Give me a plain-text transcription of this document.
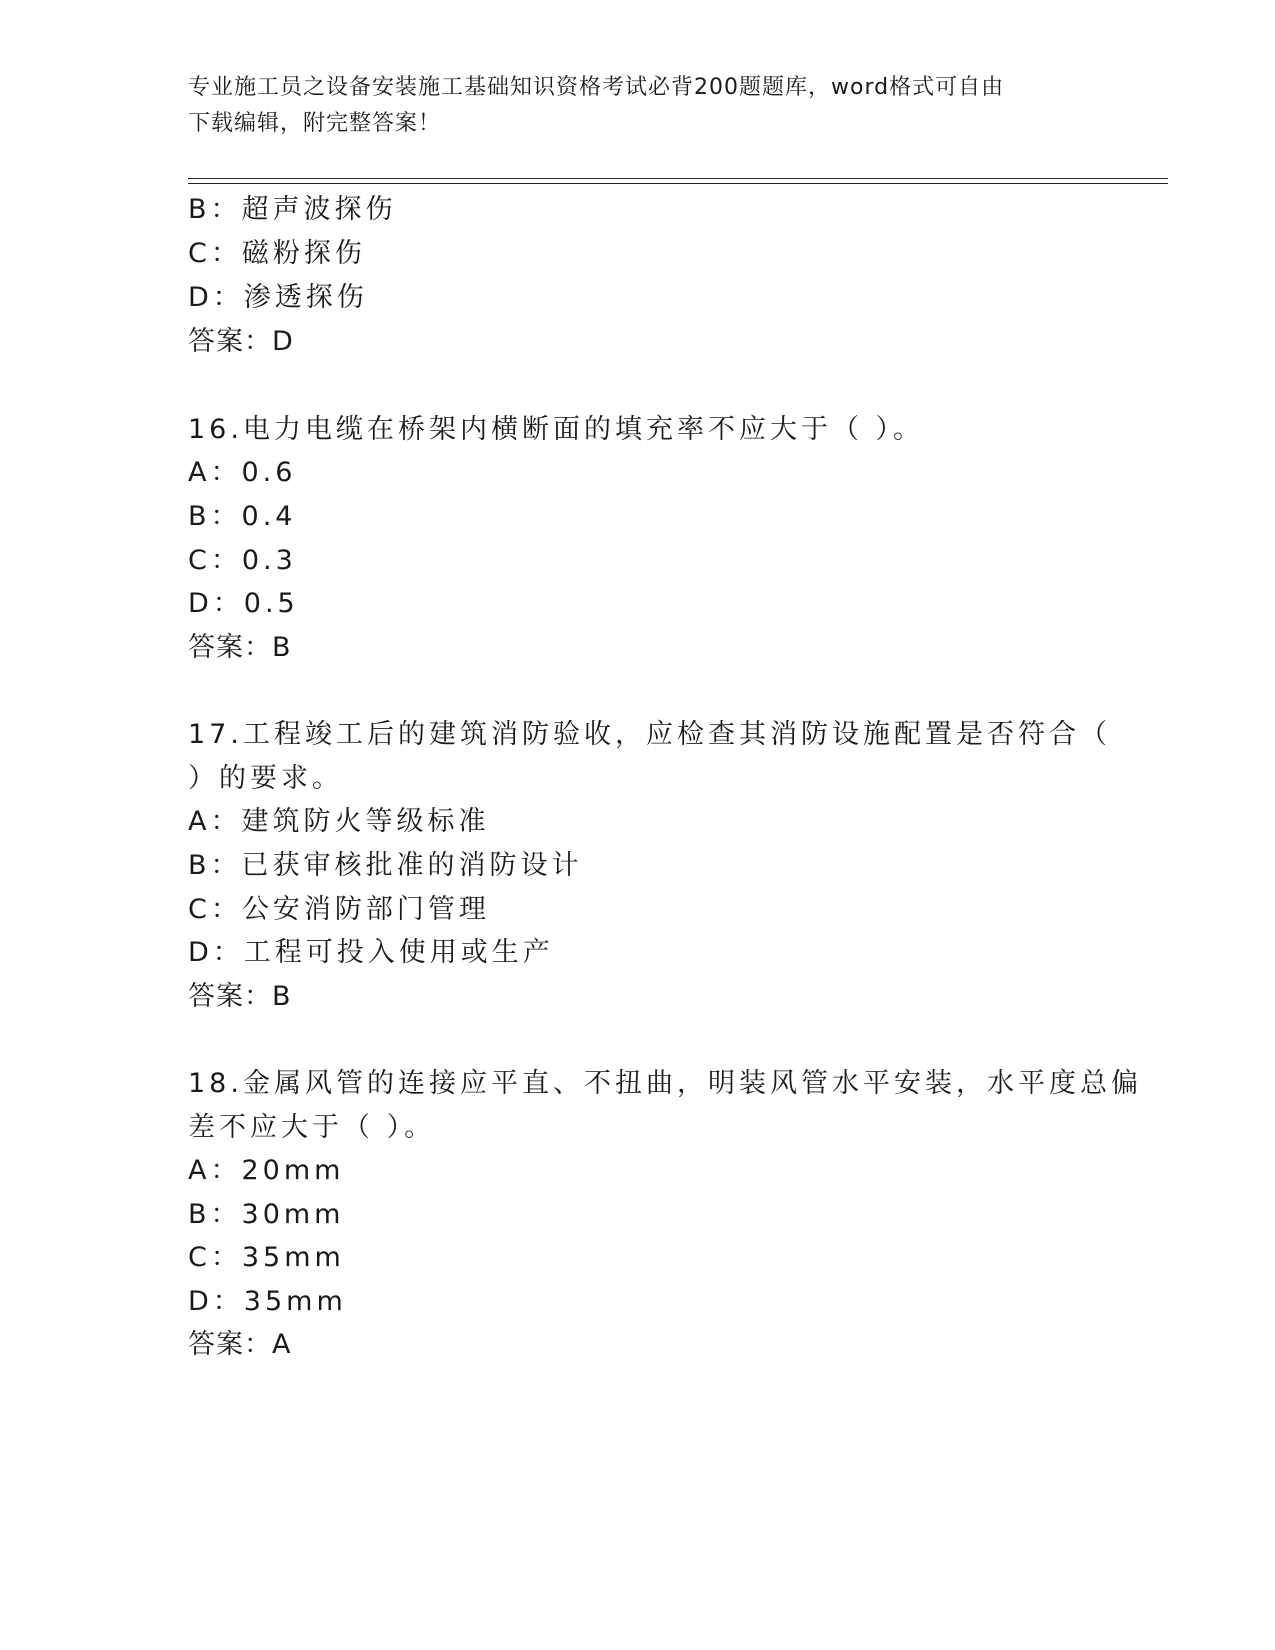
专业施工员之设备安装施工基础知识资格考试必背200题题库，word格式可自由
下载编辑，附完整答案！
B：超声波探伤
C：磁粉探伤
D：渗透探伤
答案：D
16.电力电缆在桥架内横断面的填充率不应大于（ ）。
A：0.6
B：0.4
C：0.3
D：0.5
答案：B
17.工程竣工后的建筑消防验收，应检查其消防设施配置是否符合（
）的要求。
A：建筑防火等级标准
B：已获审核批准的消防设计
C：公安消防部门管理
D：工程可投入使用或生产
答案：B
18.金属风管的连接应平直、不扭曲，明装风管水平安装，水平度总偏
差不应大于（ ）。
A：20mm
B：30mm
C：35mm
D：35mm
答案：A
